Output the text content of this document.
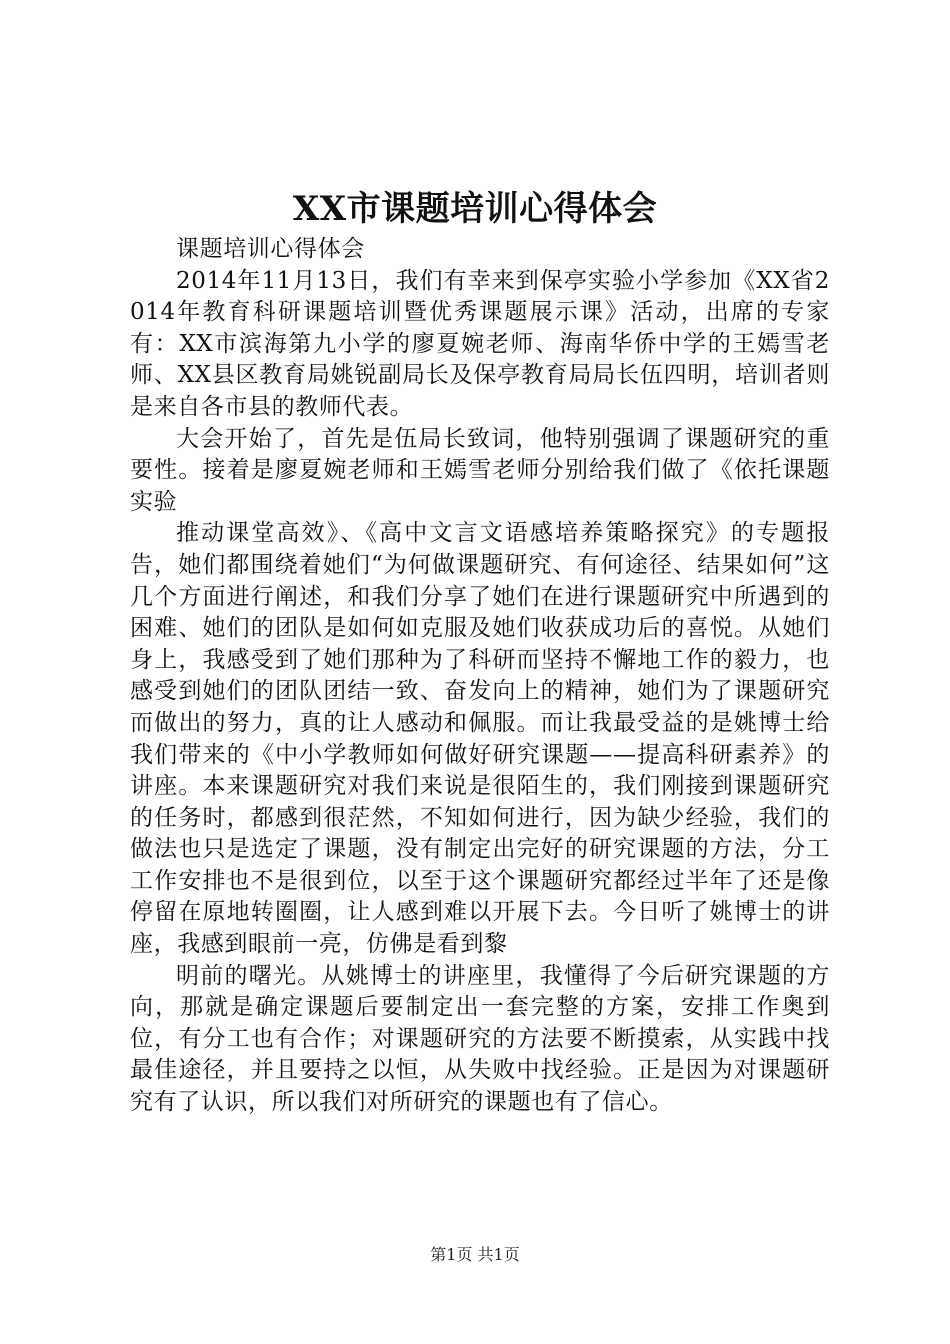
XX市课题培训心得体会

课题培训心得体会

2014年11月13日，我们有幸来到保亭实验小学参加《XX省2014年教育科研课题培训暨优秀课题展示课》活动，出席的专家有：XX市滨海第九小学的廖夏婉老师、海南华侨中学的王嫣雪老师、XX县区教育局姚锐副局长及保亭教育局局长伍四明，培训者则是来自各市县的教师代表。

大会开始了，首先是伍局长致词，他特别强调了课题研究的重要性。接着是廖夏婉老师和王嫣雪老师分别给我们做了《依托课题实验

推动课堂高效》、《高中文言文语感培养策略探究》的专题报告，她们都围绕着她们“为何做课题研究、有何途径、结果如何”这几个方面进行阐述，和我们分享了她们在进行课题研究中所遇到的困难、她们的团队是如何如克服及她们收获成功后的喜悦。从她们身上，我感受到了她们那种为了科研而坚持不懈地工作的毅力，也感受到她们的团队团结一致、奋发向上的精神，她们为了课题研究而做出的努力，真的让人感动和佩服。而让我最受益的是姚博士给我们带来的《中小学教师如何做好研究课题——提高科研素养》的讲座。本来课题研究对我们来说是很陌生的，我们刚接到课题研究的任务时，都感到很茫然，不知如何进行，因为缺少经验，我们的做法也只是选定了课题，没有制定出完好的研究课题的方法，分工工作安排也不是很到位，以至于这个课题研究都经过半年了还是像停留在原地转圈圈，让人感到难以开展下去。今日听了姚博士的讲座，我感到眼前一亮，仿佛是看到黎

明前的曙光。从姚博士的讲座里，我懂得了今后研究课题的方向，那就是确定课题后要制定出一套完整的方案，安排工作奥到位，有分工也有合作；对课题研究的方法要不断摸索，从实践中找最佳途径，并且要持之以恒，从失败中找经验。正是因为对课题研究有了认识，所以我们对所研究的课题也有了信心。

第1页 共1页
